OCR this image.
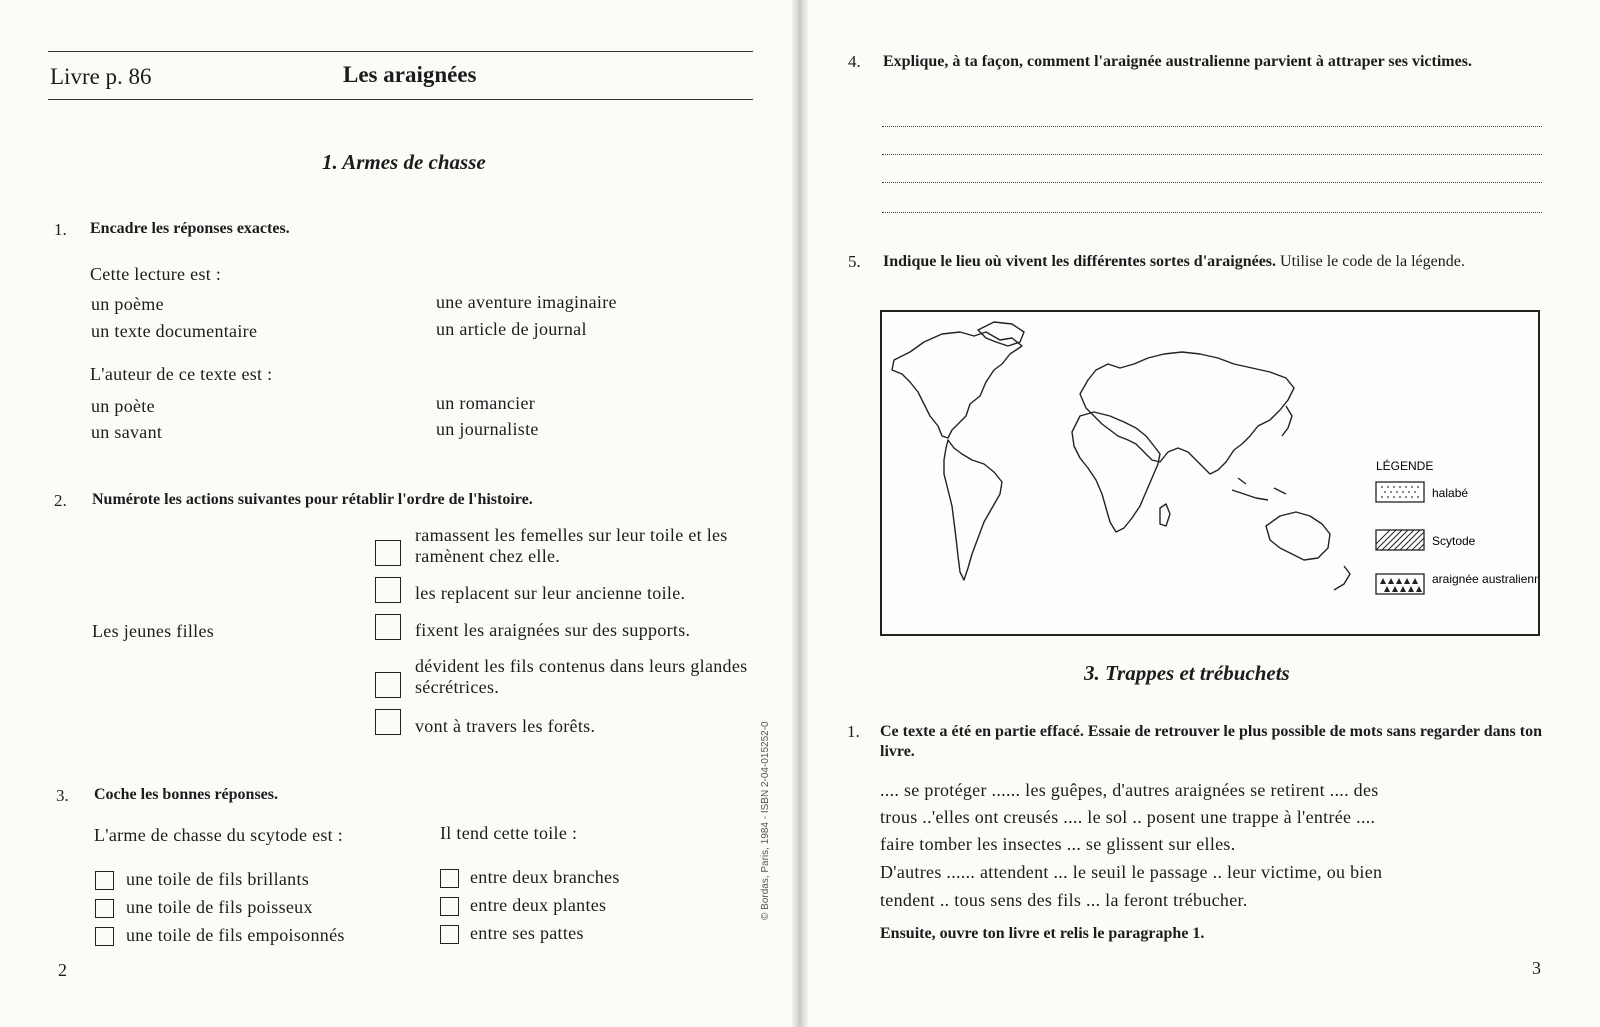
Livre p. 86	Les araignées
1. Armes de chasse
1. Encadre les réponses exactes.
Cette lecture est :
un poème
un texte documentaire
une aventure imaginaire
un article de journal
L'auteur de ce texte est :
un poète
un savant
un romancier
un journaliste
2. Numérote les actions suivantes pour rétablir l'ordre de l'histoire.
Les jeunes filles
ramassent les femelles sur leur toile et les ramènent chez elle.
les replacent sur leur ancienne toile.
fixent les araignées sur des supports.
dévident les fils contenus dans leurs glandes sécrétrices.
vont à travers les forêts.
3. Coche les bonnes réponses.
L'arme de chasse du scytode est :	Il tend cette toile :
une toile de fils brillants
une toile de fils poisseux
une toile de fils empoisonnés
entre deux branches
entre deux plantes
entre ses pattes
2
© Bordas, Paris, 1984 - ISBN 2-04-015252-0
4. Explique, à ta façon, comment l'araignée australienne parvient à attraper ses victimes.
5. Indique le lieu où vivent les différentes sortes d'araignées. Utilise le code de la légende.
LÉGENDE
halabé
Scytode
araignée australienne
3. Trappes et trébuchets
1. Ce texte a été en partie effacé. Essaie de retrouver le plus possible de mots sans regarder dans ton livre.
.... se protéger ...... les guêpes, d'autres araignées se retirent .... des
trous ..'elles ont creusés .... le sol .. posent une trappe à l'entrée ....
faire tomber les insectes ... se glissent sur elles.
D'autres ...... attendent ... le seuil le passage .. leur victime, ou bien
tendent .. tous sens des fils ... la feront trébucher.
Ensuite, ouvre ton livre et relis le paragraphe 1.
3
